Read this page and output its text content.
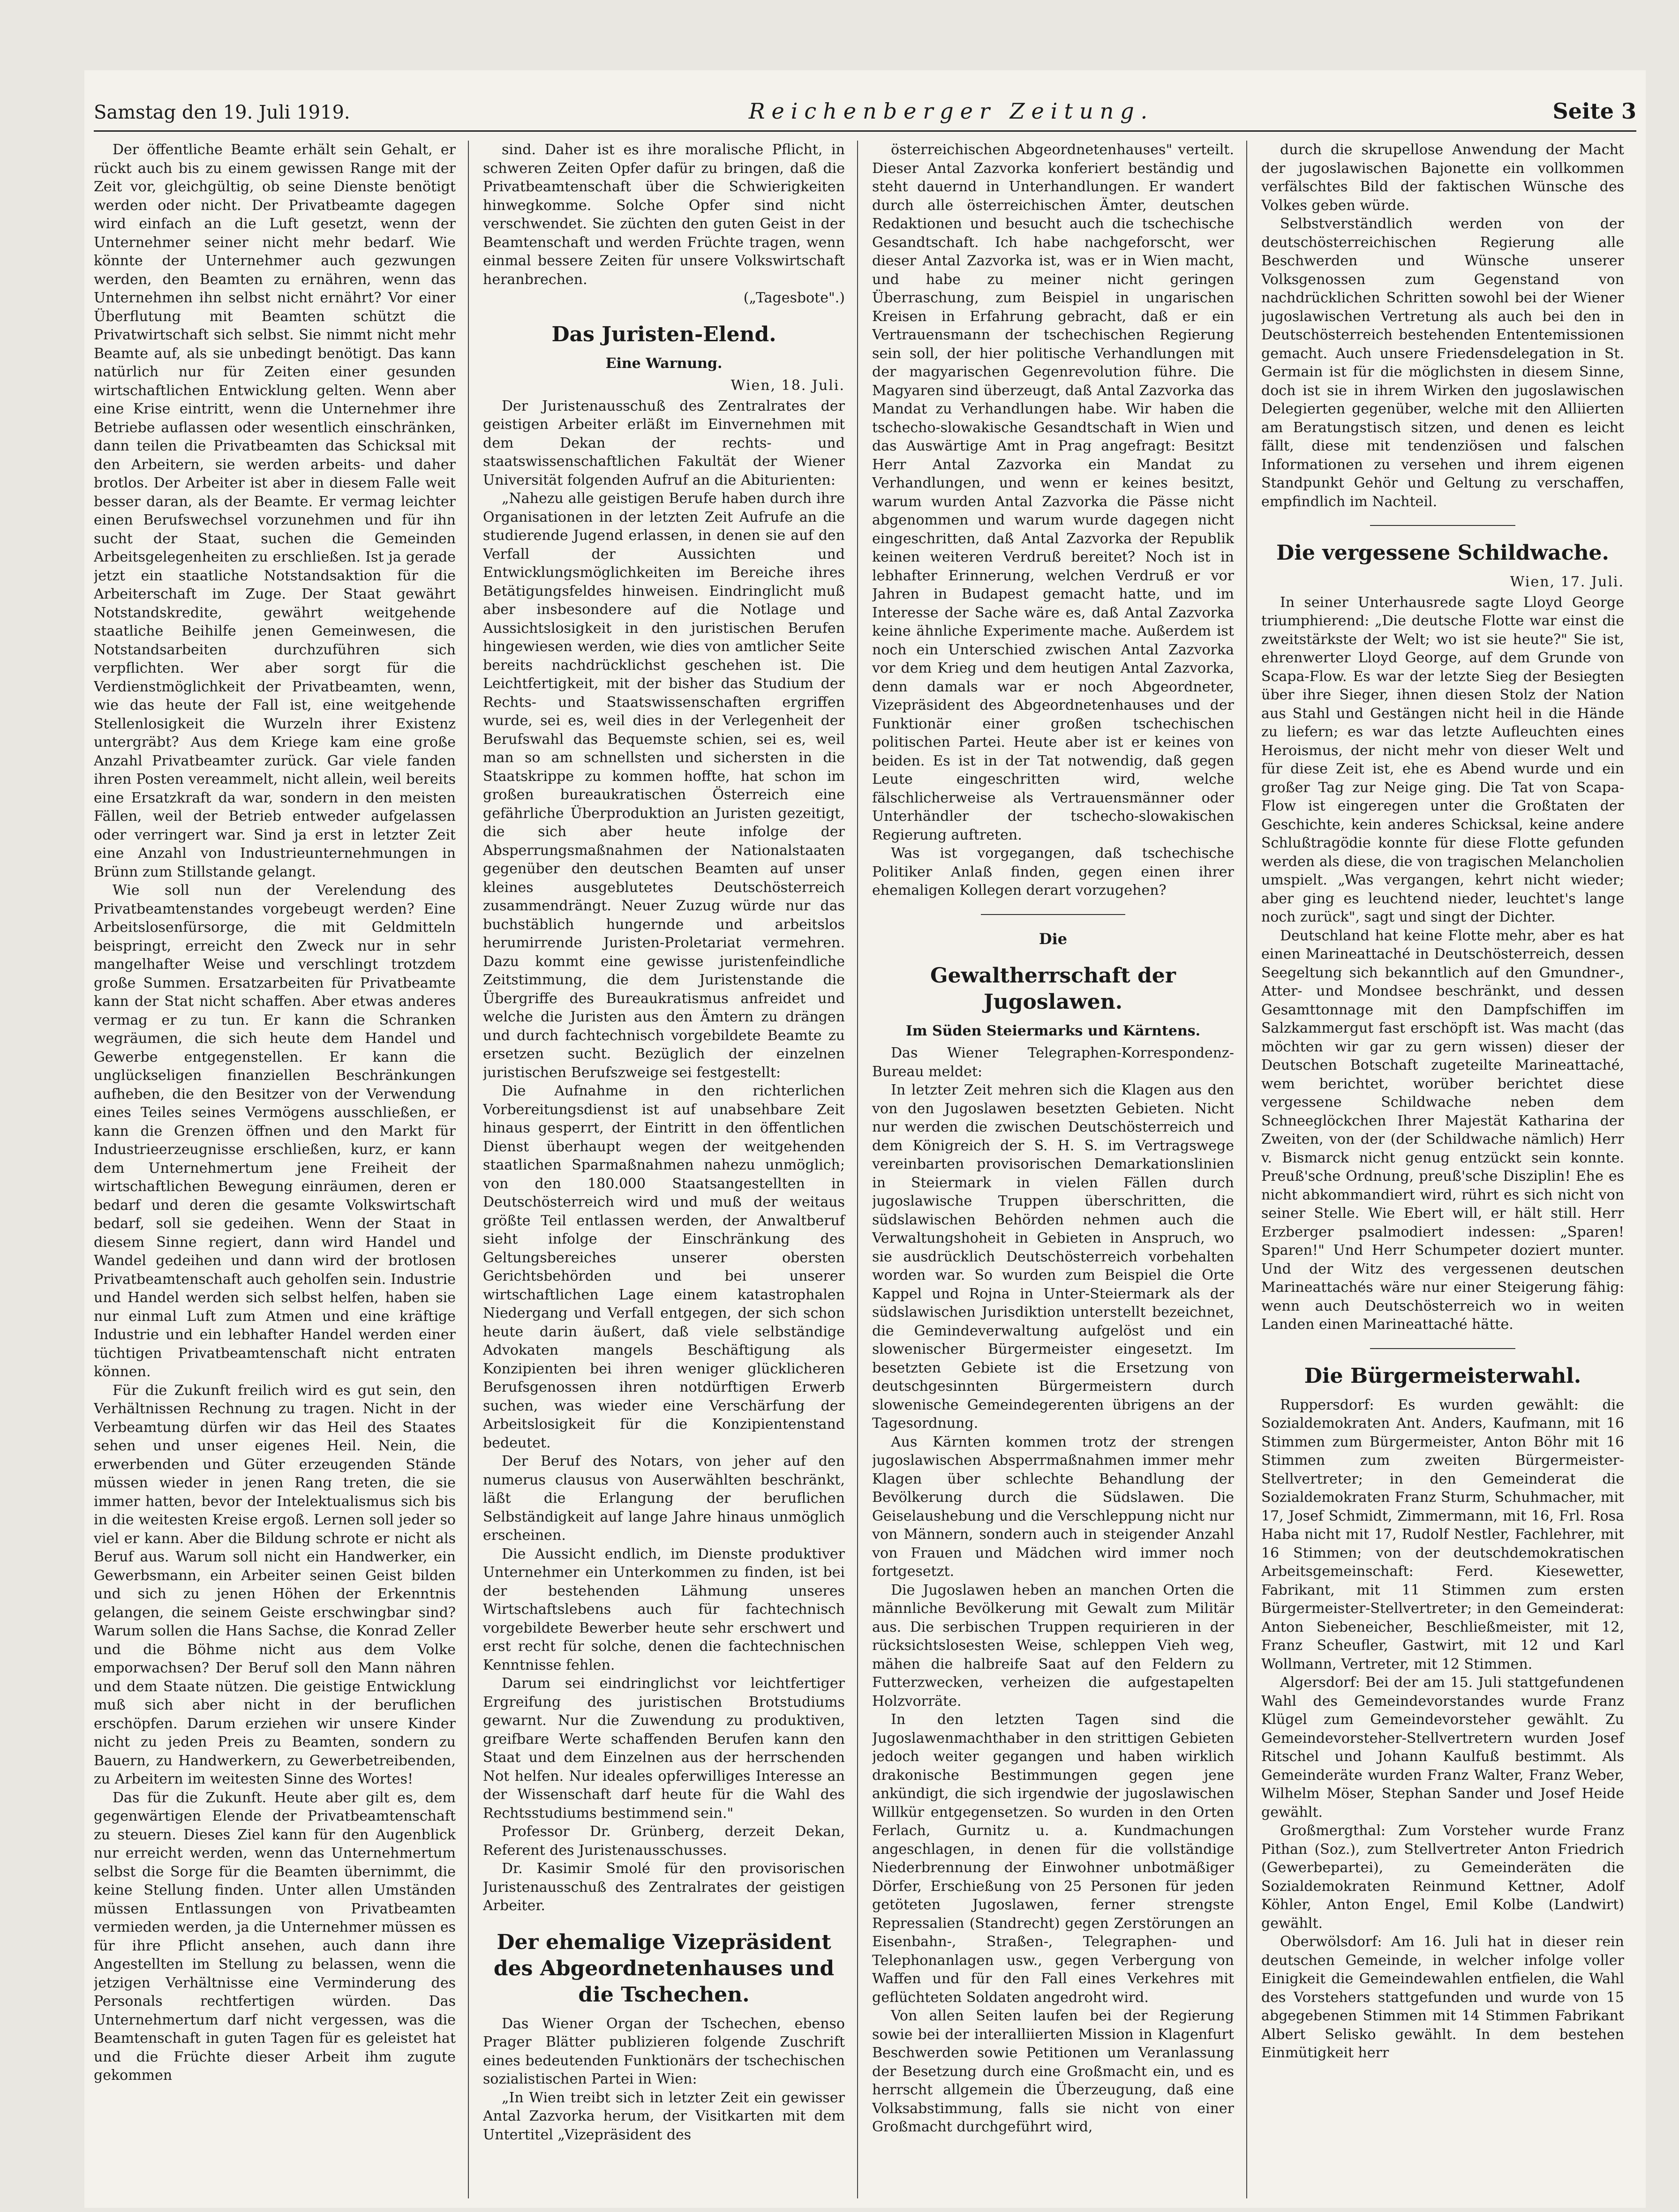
Samstag den 19. Juli 1919.	Reichenberger Zeitung.	Seite 3

Der öffentliche Beamte erhält sein Gehalt, er rückt auch bis zu einem gewissen Range mit der Zeit vor, gleichgültig, ob seine Dienste benötigt werden oder nicht. Der Privatbeamte dagegen wird einfach an die Luft gesetzt, wenn der Unternehmer seiner nicht mehr bedarf. Wie könnte der Unternehmer auch gezwungen werden, den Beamten zu ernähren, wenn das Unternehmen ihn selbst nicht ernährt? Vor einer Überflutung mit Beamten schützt die Privatwirtschaft sich selbst. Sie nimmt nicht mehr Beamte auf, als sie unbedingt benötigt. Das kann natürlich nur für Zeiten einer gesunden wirtschaftlichen Entwicklung gelten. Wenn aber eine Krise eintritt, wenn die Unternehmer ihre Betriebe auflassen oder wesentlich einschränken, dann teilen die Privatbeamten das Schicksal mit den Arbeitern, sie werden arbeits- und daher brotlos. Der Arbeiter ist aber in diesem Falle weit besser daran, als der Beamte. Er vermag leichter einen Berufswechsel vorzunehmen und für ihn sucht der Staat, suchen die Gemeinden Arbeitsgelegenheiten zu erschließen. Ist ja gerade jetzt ein staatliche Notstandsaktion für die Arbeiterschaft im Zuge. Der Staat gewährt Notstandskredite, gewährt weitgehende staatliche Beihilfe jenen Gemeinwesen, die Notstandsarbeiten durchzuführen sich verpflichten. Wer aber sorgt für die Verdienstmöglichkeit der Privatbeamten, wenn, wie das heute der Fall ist, eine weitgehende Stellenlosigkeit die Wurzeln ihrer Existenz untergräbt? Aus dem Kriege kam eine große Anzahl Privatbeamter zurück. Gar viele fanden ihren Posten vereammelt, nicht allein, weil bereits eine Ersatzkraft da war, sondern in den meisten Fällen, weil der Betrieb entweder aufgelassen oder verringert war. Sind ja erst in letzter Zeit eine Anzahl von Industrieunternehmungen in Brünn zum Stillstande gelangt.

Wie soll nun der Verelendung des Privatbeamtenstandes vorgebeugt werden? Eine Arbeitslosenfürsorge, die mit Geldmitteln beispringt, erreicht den Zweck nur in sehr mangelhafter Weise und verschlingt trotzdem große Summen. Ersatzarbeiten für Privatbeamte kann der Stat nicht schaffen. Aber etwas anderes vermag er zu tun. Er kann die Schranken wegräumen, die sich heute dem Handel und Gewerbe entgegenstellen. Er kann die unglückseligen finanziellen Beschränkungen aufheben, die den Besitzer von der Verwendung eines Teiles seines Vermögens ausschließen, er kann die Grenzen öffnen und den Markt für Industrieerzeugnisse erschließen, kurz, er kann dem Unternehmertum jene Freiheit der wirtschaftlichen Bewegung einräumen, deren er bedarf und deren die gesamte Volkswirtschaft bedarf, soll sie gedeihen. Wenn der Staat in diesem Sinne regiert, dann wird Handel und Wandel gedeihen und dann wird der brotlosen Privatbeamtenschaft auch geholfen sein. Industrie und Handel werden sich selbst helfen, haben sie nur einmal Luft zum Atmen und eine kräftige Industrie und ein lebhafter Handel werden einer tüchtigen Privatbeamtenschaft nicht entraten können.

Für die Zukunft freilich wird es gut sein, den Verhältnissen Rechnung zu tragen. Nicht in der Verbeamtung dürfen wir das Heil des Staates sehen und unser eigenes Heil. Nein, die erwerbenden und Güter erzeugenden Stände müssen wieder in jenen Rang treten, die sie immer hatten, bevor der Intelektualismus sich bis in die weitesten Kreise ergoß. Lernen soll jeder so viel er kann. Aber die Bildung schrote er nicht als Beruf aus. Warum soll nicht ein Handwerker, ein Gewerbsmann, ein Arbeiter seinen Geist bilden und sich zu jenen Höhen der Erkenntnis gelangen, die seinem Geiste erschwingbar sind? Warum sollen die Hans Sachse, die Konrad Zeller und die Böhme nicht aus dem Volke emporwachsen? Der Beruf soll den Mann nähren und dem Staate nützen. Die geistige Entwicklung muß sich aber nicht in der beruflichen erschöpfen. Darum erziehen wir unsere Kinder nicht zu jeden Preis zu Beamten, sondern zu Bauern, zu Handwerkern, zu Gewerbetreibenden, zu Arbeitern im weitesten Sinne des Wortes!

Das für die Zukunft. Heute aber gilt es, dem gegenwärtigen Elende der Privatbeamtenschaft zu steuern. Dieses Ziel kann für den Augenblick nur erreicht werden, wenn das Unternehmertum selbst die Sorge für die Beamten übernimmt, die keine Stellung finden. Unter allen Umständen müssen Entlassungen von Privatbeamten vermieden werden, ja die Unternehmer müssen es für ihre Pflicht ansehen, auch dann ihre Angestellten im Stellung zu belassen, wenn die jetzigen Verhältnisse eine Verminderung des Personals rechtfertigen würden. Das Unternehmertum darf nicht vergessen, was die Beamtenschaft in guten Tagen für es geleistet hat und die Früchte dieser Arbeit ihm zugute gekommen

sind. Daher ist es ihre moralische Pflicht, in schweren Zeiten Opfer dafür zu bringen, daß die Privatbeamtenschaft über die Schwierigkeiten hinwegkomme. Solche Opfer sind nicht verschwendet. Sie züchten den guten Geist in der Beamtenschaft und werden Früchte tragen, wenn einmal bessere Zeiten für unsere Volkswirtschaft heranbrechen.

(„Tagesbote".)

Das Juristen-Elend.
Eine Warnung.
Wien, 18. Juli.

Der Juristenausschuß des Zentralrates der geistigen Arbeiter erläßt im Einvernehmen mit dem Dekan der rechts- und staatswissenschaftlichen Fakultät der Wiener Universität folgenden Aufruf an die Abiturienten:

„Nahezu alle geistigen Berufe haben durch ihre Organisationen in der letzten Zeit Aufrufe an die studierende Jugend erlassen, in denen sie auf den Verfall der Aussichten und Entwicklungsmöglichkeiten im Bereiche ihres Betätigungsfeldes hinweisen. Eindringlicht muß aber insbesondere auf die Notlage und Aussichtslosigkeit in den juristischen Berufen hingewiesen werden, wie dies von amtlicher Seite bereits nachdrücklichst geschehen ist. Die Leichtfertigkeit, mit der bisher das Studium der Rechts- und Staatswissenschaften ergriffen wurde, sei es, weil dies in der Verlegenheit der Berufswahl das Bequemste schien, sei es, weil man so am schnellsten und sichersten in die Staatskrippe zu kommen hoffte, hat schon im großen bureaukratischen Österreich eine gefährliche Überproduktion an Juristen gezeitigt, die sich aber heute infolge der Absperrungsmaßnahmen der Nationalstaaten gegenüber den deutschen Beamten auf unser kleines ausgeblutetes Deutschösterreich zusammendrängt. Neuer Zuzug würde nur das buchstäblich hungernde und arbeitslos herumirrende Juristen-Proletariat vermehren. Dazu kommt eine gewisse juristenfeindliche Zeitstimmung, die dem Juristenstande die Übergriffe des Bureaukratismus anfreidet und welche die Juristen aus den Ämtern zu drängen und durch fachtechnisch vorgebildete Beamte zu ersetzen sucht. Bezüglich der einzelnen juristischen Berufszweige sei festgestellt:

Die Aufnahme in den richterlichen Vorbereitungsdienst ist auf unabsehbare Zeit hinaus gesperrt, der Eintritt in den öffentlichen Dienst überhaupt wegen der weitgehenden staatlichen Sparmaßnahmen nahezu unmöglich; von den 180.000 Staatsangestellten in Deutschösterreich wird und muß der weitaus größte Teil entlassen werden, der Anwaltberuf sieht infolge der Einschränkung des Geltungsbereiches unserer obersten Gerichtsbehörden und bei unserer wirtschaftlichen Lage einem katastrophalen Niedergang und Verfall entgegen, der sich schon heute darin äußert, daß viele selbständige Advokaten mangels Beschäftigung als Konzipienten bei ihren weniger glücklicheren Berufsgenossen ihren notdürftigen Erwerb suchen, was wieder eine Verschärfung der Arbeitslosigkeit für die Konzipientenstand bedeutet.

Der Beruf des Notars, von jeher auf den numerus clausus von Auserwählten beschränkt, läßt die Erlangung der beruflichen Selbständigkeit auf lange Jahre hinaus unmöglich erscheinen.

Die Aussicht endlich, im Dienste produktiver Unternehmer ein Unterkommen zu finden, ist bei der bestehenden Lähmung unseres Wirtschaftslebens auch für fachtechnisch vorgebildete Bewerber heute sehr erschwert und erst recht für solche, denen die fachtechnischen Kenntnisse fehlen.

Darum sei eindringlichst vor leichtfertiger Ergreifung des juristischen Brotstudiums gewarnt. Nur die Zuwendung zu produktiven, greifbare Werte schaffenden Berufen kann den Staat und dem Einzelnen aus der herrschenden Not helfen. Nur ideales opferwilliges Interesse an der Wissenschaft darf heute für die Wahl des Rechtsstudiums bestimmend sein."

Professor Dr. Grünberg, derzeit Dekan, Referent des Juristenausschusses.

Dr. Kasimir Smolé für den provisorischen Juristenausschuß des Zentralrates der geistigen Arbeiter.

Der ehemalige Vizepräsident des Abgeordnetenhauses und die Tschechen.

Das Wiener Organ der Tschechen, ebenso Prager Blätter publizieren folgende Zuschrift eines bedeutenden Funktionärs der tschechischen sozialistischen Partei in Wien:

„In Wien treibt sich in letzter Zeit ein gewisser Antal Zazvorka herum, der Visitkarten mit dem Untertitel „Vizepräsident des

österreichischen Abgeordnetenhauses" verteilt. Dieser Antal Zazvorka konferiert beständig und steht dauernd in Unterhandlungen. Er wandert durch alle österreichischen Ämter, deutschen Redaktionen und besucht auch die tschechische Gesandtschaft. Ich habe nachgeforscht, wer dieser Antal Zazvorka ist, was er in Wien macht, und habe zu meiner nicht geringen Überraschung, zum Beispiel in ungarischen Kreisen in Erfahrung gebracht, daß er ein Vertrauensmann der tschechischen Regierung sein soll, der hier politische Verhandlungen mit der magyarischen Gegenrevolution führe. Die Magyaren sind überzeugt, daß Antal Zazvorka das Mandat zu Verhandlungen habe. Wir haben die tschecho-slowakische Gesandtschaft in Wien und das Auswärtige Amt in Prag angefragt: Besitzt Herr Antal Zazvorka ein Mandat zu Verhandlungen, und wenn er keines besitzt, warum wurden Antal Zazvorka die Pässe nicht abgenommen und warum wurde dagegen nicht eingeschritten, daß Antal Zazvorka der Republik keinen weiteren Verdruß bereitet? Noch ist in lebhafter Erinnerung, welchen Verdruß er vor Jahren in Budapest gemacht hatte, und im Interesse der Sache wäre es, daß Antal Zazvorka keine ähnliche Experimente mache. Außerdem ist noch ein Unterschied zwischen Antal Zazvorka vor dem Krieg und dem heutigen Antal Zazvorka, denn damals war er noch Abgeordneter, Vizepräsident des Abgeordnetenhauses und der Funktionär einer großen tschechischen politischen Partei. Heute aber ist er keines von beiden. Es ist in der Tat notwendig, daß gegen Leute eingeschritten wird, welche fälschlicherweise als Vertrauensmänner oder Unterhändler der tschecho-slowakischen Regierung auftreten.

Was ist vorgegangen, daß tschechische Politiker Anlaß finden, gegen einen ihrer ehemaligen Kollegen derart vorzugehen?

Die
Gewaltherrschaft der Jugoslawen.
Im Süden Steiermarks und Kärntens.

Das Wiener Telegraphen-Korrespondenz-Bureau meldet:

In letzter Zeit mehren sich die Klagen aus den von den Jugoslawen besetzten Gebieten. Nicht nur werden die zwischen Deutschösterreich und dem Königreich der S. H. S. im Vertragswege vereinbarten provisorischen Demarkationslinien in Steiermark in vielen Fällen durch jugoslawische Truppen überschritten, die südslawischen Behörden nehmen auch die Verwaltungshoheit in Gebieten in Anspruch, wo sie ausdrücklich Deutschösterreich vorbehalten worden war. So wurden zum Beispiel die Orte Kappel und Rojna in Unter-Steiermark als der südslawischen Jurisdiktion unterstellt bezeichnet, die Gemindeverwaltung aufgelöst und ein slowenischer Bürgermeister eingesetzt. Im besetzten Gebiete ist die Ersetzung von deutschgesinnten Bürgermeistern durch slowenische Gemeindegerenten übrigens an der Tagesordnung.

Aus Kärnten kommen trotz der strengen jugoslawischen Absperrmaßnahmen immer mehr Klagen über schlechte Behandlung der Bevölkerung durch die Südslawen. Die Geiselaushebung und die Verschleppung nicht nur von Männern, sondern auch in steigender Anzahl von Frauen und Mädchen wird immer noch fortgesetzt.

Die Jugoslawen heben an manchen Orten die männliche Bevölkerung mit Gewalt zum Militär aus. Die serbischen Truppen requirieren in der rücksichtslosesten Weise, schleppen Vieh weg, mähen die halbreife Saat auf den Feldern zu Futterzwecken, verheizen die aufgestapelten Holzvorräte.

In den letzten Tagen sind die Jugoslawenmachthaber in den strittigen Gebieten jedoch weiter gegangen und haben wirklich drakonische Bestimmungen gegen jene ankündigt, die sich irgendwie der jugoslawischen Willkür entgegensetzen. So wurden in den Orten Ferlach, Gurnitz u. a. Kundmachungen angeschlagen, in denen für die vollständige Niederbrennung der Einwohner unbotmäßiger Dörfer, Erschießung von 25 Personen für jeden getöteten Jugoslawen, ferner strengste Repressalien (Standrecht) gegen Zerstörungen an Eisenbahn-, Straßen-, Telegraphen- und Telephonanlagen usw., gegen Verbergung von Waffen und für den Fall eines Verkehres mit geflüchteten Soldaten angedroht wird.

Von allen Seiten laufen bei der Regierung sowie bei der interalliierten Mission in Klagenfurt Beschwerden sowie Petitionen um Veranlassung der Besetzung durch eine Großmacht ein, und es herrscht allgemein die Überzeugung, daß eine Volksabstimmung, falls sie nicht von einer Großmacht durchgeführt wird,

durch die skrupellose Anwendung der Macht der jugoslawischen Bajonette ein vollkommen verfälschtes Bild der faktischen Wünsche des Volkes geben würde.

Selbstverständlich werden von der deutschösterreichischen Regierung alle Beschwerden und Wünsche unserer Volksgenossen zum Gegenstand von nachdrücklichen Schritten sowohl bei der Wiener jugoslawischen Vertretung als auch bei den in Deutschösterreich bestehenden Ententemissionen gemacht. Auch unsere Friedensdelegation in St. Germain ist für die möglichsten in diesem Sinne, doch ist sie in ihrem Wirken den jugoslawischen Delegierten gegenüber, welche mit den Alliierten am Beratungstisch sitzen, und denen es leicht fällt, diese mit tendenziösen und falschen Informationen zu versehen und ihrem eigenen Standpunkt Gehör und Geltung zu verschaffen, empfindlich im Nachteil.

Die vergessene Schildwache.
Wien, 17. Juli.

In seiner Unterhausrede sagte Lloyd George triumphierend: „Die deutsche Flotte war einst die zweitstärkste der Welt; wo ist sie heute?" Sie ist, ehrenwerter Lloyd George, auf dem Grunde von Scapa-Flow. Es war der letzte Sieg der Besiegten über ihre Sieger, ihnen diesen Stolz der Nation aus Stahl und Gestängen nicht heil in die Hände zu liefern; es war das letzte Aufleuchten eines Heroismus, der nicht mehr von dieser Welt und für diese Zeit ist, ehe es Abend wurde und ein großer Tag zur Neige ging. Die Tat von Scapa-Flow ist eingeregen unter die Großtaten der Geschichte, kein anderes Schicksal, keine andere Schlußtragödie konnte für diese Flotte gefunden werden als diese, die von tragischen Melancholien umspielt. „Was vergangen, kehrt nicht wieder; aber ging es leuchtend nieder, leuchtet's lange noch zurück", sagt und singt der Dichter.

Deutschland hat keine Flotte mehr, aber es hat einen Marineattaché in Deutschösterreich, dessen Seegeltung sich bekanntlich auf den Gmundner-, Atter- und Mondsee beschränkt, und dessen Gesamttonnage mit den Dampfschiffen im Salzkammergut fast erschöpft ist. Was macht (das möchten wir gar zu gern wissen) dieser der Deutschen Botschaft zugeteilte Marineattaché, wem berichtet, worüber berichtet diese vergessene Schildwache neben dem Schneeglöckchen Ihrer Majestät Katharina der Zweiten, von der (der Schildwache nämlich) Herr v. Bismarck nicht genug entzückt sein konnte. Preuß'sche Ordnung, preuß'sche Disziplin! Ehe es nicht abkommandiert wird, rührt es sich nicht von seiner Stelle. Wie Ebert will, er hält still. Herr Erzberger psalmodiert indessen: „Sparen! Sparen!" Und Herr Schumpeter doziert munter. Und der Witz des vergessenen deutschen Marineattachés wäre nur einer Steigerung fähig: wenn auch Deutschösterreich wo in weiten Landen einen Marineattaché hätte.

Die Bürgermeisterwahl.

Ruppersdorf: Es wurden gewählt: die Sozialdemokraten Ant. Anders, Kaufmann, mit 16 Stimmen zum Bürgermeister, Anton Böhr mit 16 Stimmen zum zweiten Bürgermeister-Stellvertreter; in den Gemeinderat die Sozialdemokraten Franz Sturm, Schuhmacher, mit 17, Josef Schmidt, Zimmermann, mit 16, Frl. Rosa Haba nicht mit 17, Rudolf Nestler, Fachlehrer, mit 16 Stimmen; von der deutschdemokratischen Arbeitsgemeinschaft: Ferd. Kiesewetter, Fabrikant, mit 11 Stimmen zum ersten Bürgermeister-Stellvertreter; in den Gemeinderat: Anton Siebeneicher, Beschließmeister, mit 12, Franz Scheufler, Gastwirt, mit 12 und Karl Wollmann, Vertreter, mit 12 Stimmen.

Algersdorf: Bei der am 15. Juli stattgefundenen Wahl des Gemeindevorstandes wurde Franz Klügel zum Gemeindevorsteher gewählt. Zu Gemeindevorsteher-Stellvertretern wurden Josef Ritschel und Johann Kaulfuß bestimmt. Als Gemeinderäte wurden Franz Walter, Franz Weber, Wilhelm Möser, Stephan Sander und Josef Heide gewählt.

Großmergthal: Zum Vorsteher wurde Franz Pithan (Soz.), zum Stellvertreter Anton Friedrich (Gewerbepartei), zu Gemeinderäten die Sozialdemokraten Reinmund Kettner, Adolf Köhler, Anton Engel, Emil Kolbe (Landwirt) gewählt.

Oberwölsdorf: Am 16. Juli hat in dieser rein deutschen Gemeinde, in welcher infolge voller Einigkeit die Gemeindewahlen entfielen, die Wahl des Vorstehers stattgefunden und wurde von 15 abgegebenen Stimmen mit 14 Stimmen Fabrikant Albert Selisko gewählt. In dem bestehen Einmütigkeit herr
